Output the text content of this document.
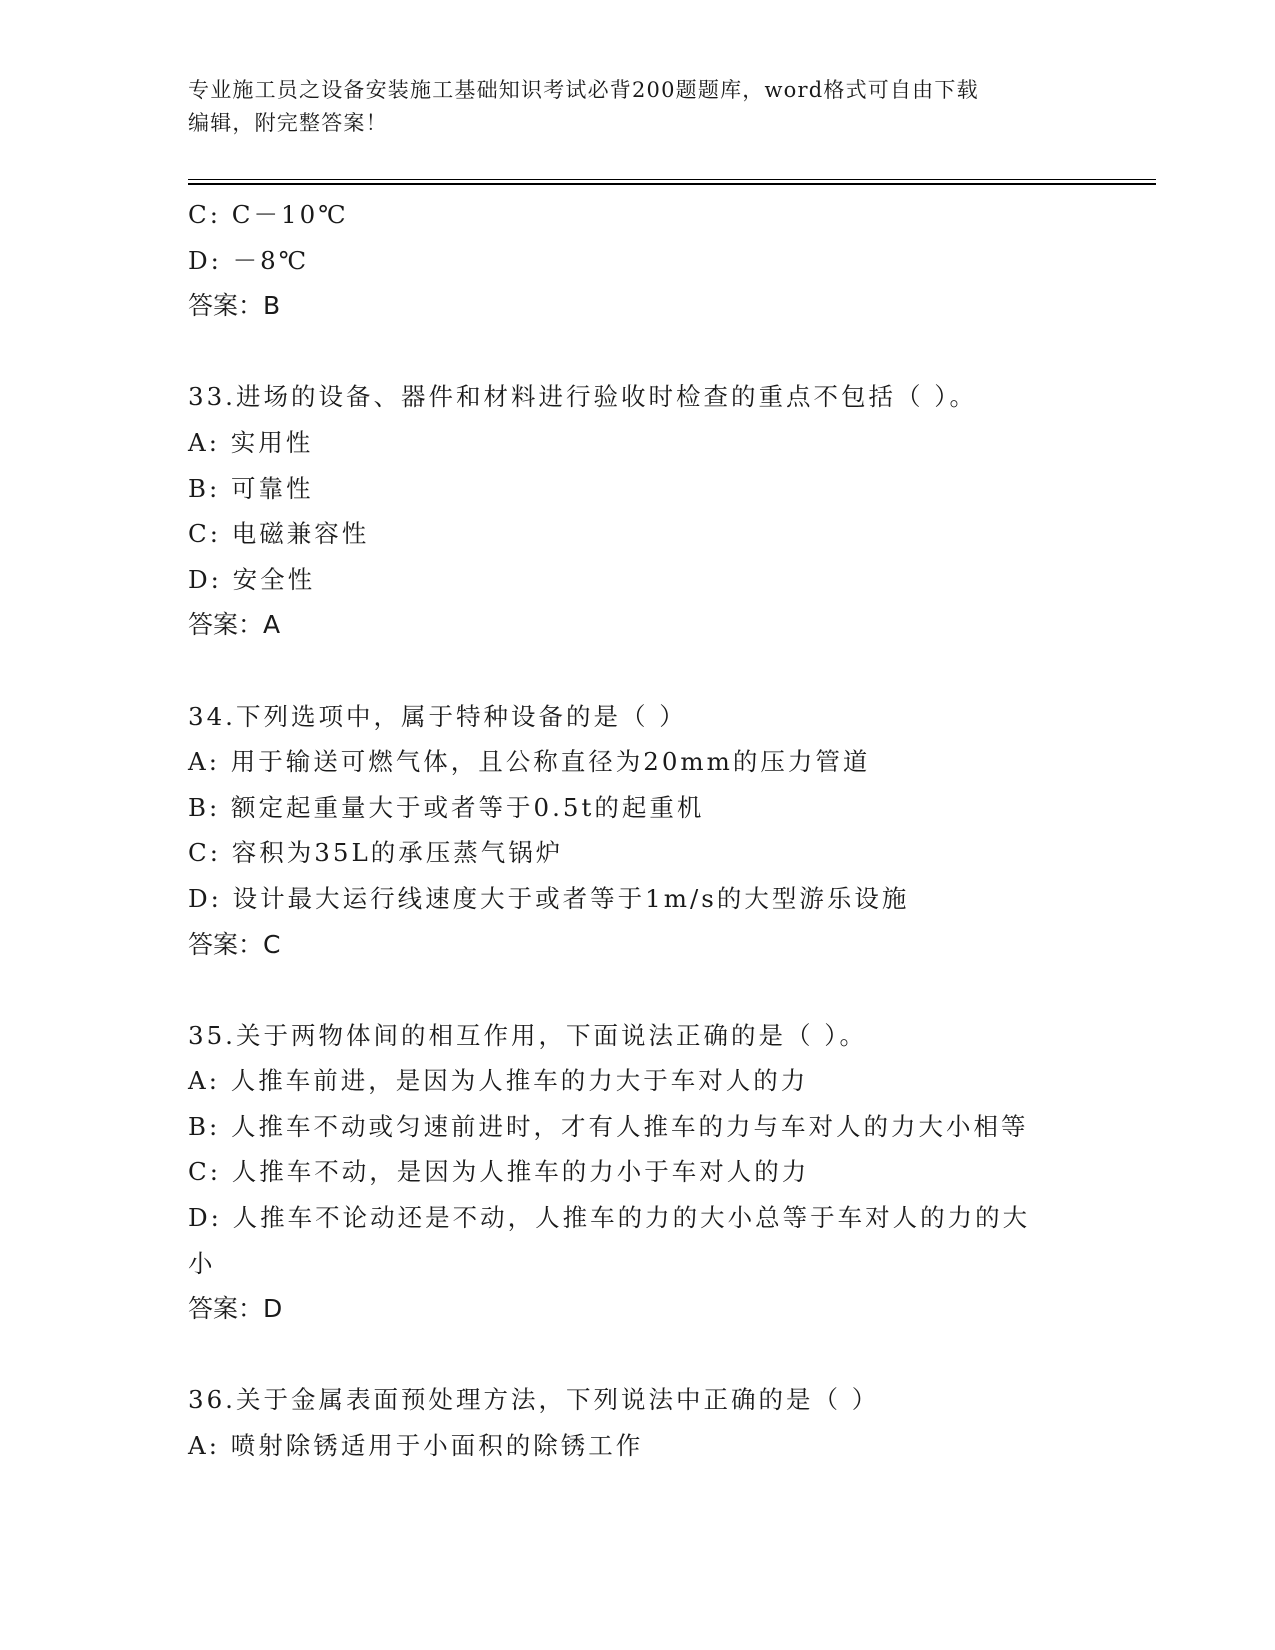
专业施工员之设备安装施工基础知识考试必背200题题库，word格式可自由下载
编辑，附完整答案！
C: C－10℃
D: －8℃
答案：B
33.进场的设备、器件和材料进行验收时检查的重点不包括（ ）。
A: 实用性
B: 可靠性
C: 电磁兼容性
D: 安全性
答案：A
34.下列选项中，属于特种设备的是（ ）
A: 用于输送可燃气体，且公称直径为20mm的压力管道
B: 额定起重量大于或者等于0.5t的起重机
C: 容积为35L的承压蒸气锅炉
D: 设计最大运行线速度大于或者等于1m/s的大型游乐设施
答案：C
35.关于两物体间的相互作用，下面说法正确的是（ ）。
A: 人推车前进，是因为人推车的力大于车对人的力
B: 人推车不动或匀速前进时，才有人推车的力与车对人的力大小相等
C: 人推车不动，是因为人推车的力小于车对人的力
D: 人推车不论动还是不动，人推车的力的大小总等于车对人的力的大
小
答案：D
36.关于金属表面预处理方法，下列说法中正确的是（ ）
A: 喷射除锈适用于小面积的除锈工作
